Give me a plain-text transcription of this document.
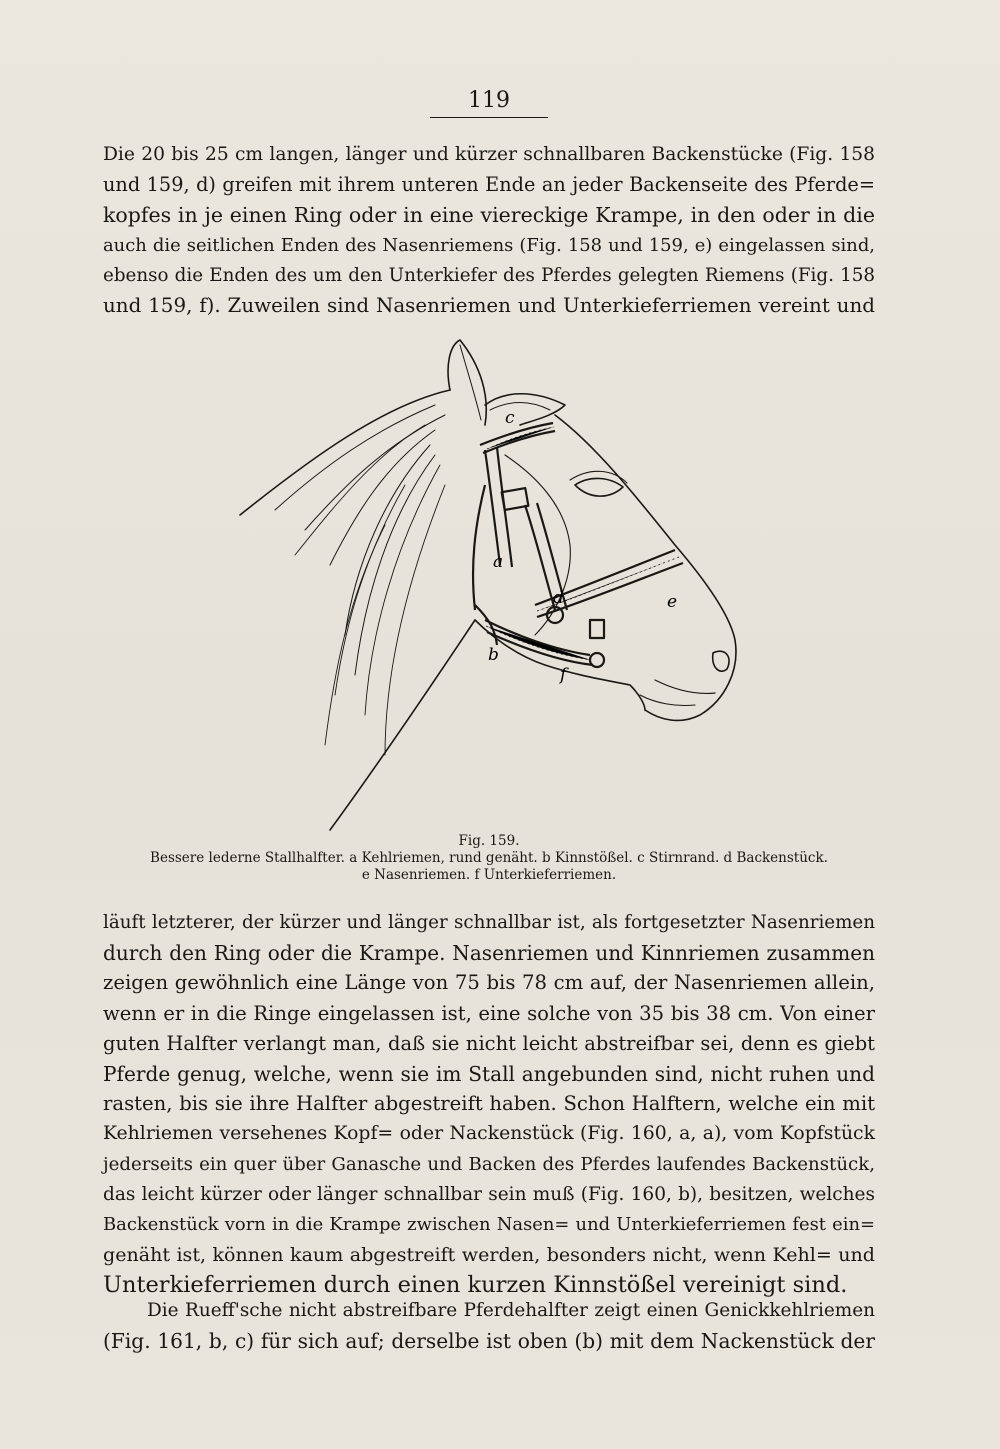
119
Die 20 bis 25 cm langen, länger und kürzer schnallbaren Backenstücke (Fig. 158
und 159, d) greifen mit ihrem unteren Ende an jeder Backenseite des Pferde=
kopfes in je einen Ring oder in eine viereckige Krampe, in den oder in die
auch die seitlichen Enden des Nasenriemens (Fig. 158 und 159, e) eingelassen sind,
ebenso die Enden des um den Unterkiefer des Pferdes gelegten Riemens (Fig. 158
und 159, f). Zuweilen sind Nasenriemen und Unterkieferriemen vereint und
c
a
d	e
b
f
Fig. 159.
Bessere lederne Stallhalfter. a Kehlriemen, rund genäht. b Kinnstößel. c Stirnrand. d Backenstück.
e Nasenriemen. f Unterkieferriemen.
läuft letzterer, der kürzer und länger schnallbar ist, als fortgesetzter Nasenriemen
durch den Ring oder die Krampe. Nasenriemen und Kinnriemen zusammen
zeigen gewöhnlich eine Länge von 75 bis 78 cm auf, der Nasenriemen allein,
wenn er in die Ringe eingelassen ist, eine solche von 35 bis 38 cm. Von einer
guten Halfter verlangt man, daß sie nicht leicht abstreifbar sei, denn es giebt
Pferde genug, welche, wenn sie im Stall angebunden sind, nicht ruhen und
rasten, bis sie ihre Halfter abgestreift haben. Schon Halftern, welche ein mit
Kehlriemen versehenes Kopf= oder Nackenstück (Fig. 160, a, a), vom Kopfstück
jederseits ein quer über Ganasche und Backen des Pferdes laufendes Backenstück,
das leicht kürzer oder länger schnallbar sein muß (Fig. 160, b), besitzen, welches
Backenstück vorn in die Krampe zwischen Nasen= und Unterkieferriemen fest ein=
genäht ist, können kaum abgestreift werden, besonders nicht, wenn Kehl= und
Unterkieferriemen durch einen kurzen Kinnstößel vereinigt sind.
Die Rueff'sche nicht abstreifbare Pferdehalfter zeigt einen Genickkehlriemen
(Fig. 161, b, c) für sich auf; derselbe ist oben (b) mit dem Nackenstück der
